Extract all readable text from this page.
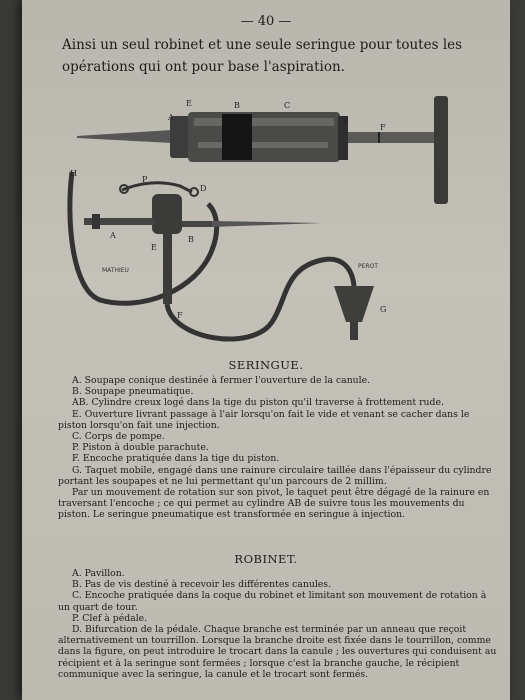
— 40 —
Ainsi un seul robinet et une seule seringue pour toutes les opérations qui ont pour base l'aspiration.
A
E	B	C
b
F
H
P
D
A	B
E
F
G
MATHIEU
PEROT
SERINGUE.

A. Soupape conique destinée à fermer l'ouverture de la canule.

B. Soupape pneumatique.

AB. Cylindre creux logé dans la tige du piston qu'il traverse à frottement rude.

E. Ouverture livrant passage à l'air lorsqu'on fait le vide et venant se cacher dans le piston lorsqu'on fait une injection.

C. Corps de pompe.

P. Piston à double parachute.

F. Encoche pratiquée dans la tige du piston.

G. Taquet mobile, engagé dans une rainure circulaire taillée dans l'épaisseur du cylindre portant les soupapes et ne lui permettant qu'un parcours de 2 millim.

Par un mouvement de rotation sur son pivot, le taquet peut être dégagé de la rainure en traversant l'encoche ; ce qui permet au cylindre AB de suivre tous les mouvements du piston. Le seringue pneumatique est transformée en seringue à injection.

ROBINET.

A. Pavillon.

B. Pas de vis destiné à recevoir les différentes canules.

C. Encoche pratiquée dans la coque du robinet et limitant son mouvement de rotation à un quart de tour.

P. Clef à pédale.

D. Bifurcation de la pédale. Chaque branche est terminée par un anneau que reçoit alternativement un tourrillon. Lorsque la branche droite est fixée dans le tourrillon, comme dans la figure, on peut introduire le trocart dans la canule ; les ouvertures qui conduisent au récipient et à la seringue sont fermées ; lorsque c'est la branche gauche, le récipient communique avec la seringue, la canule et le trocart sont fermés.
